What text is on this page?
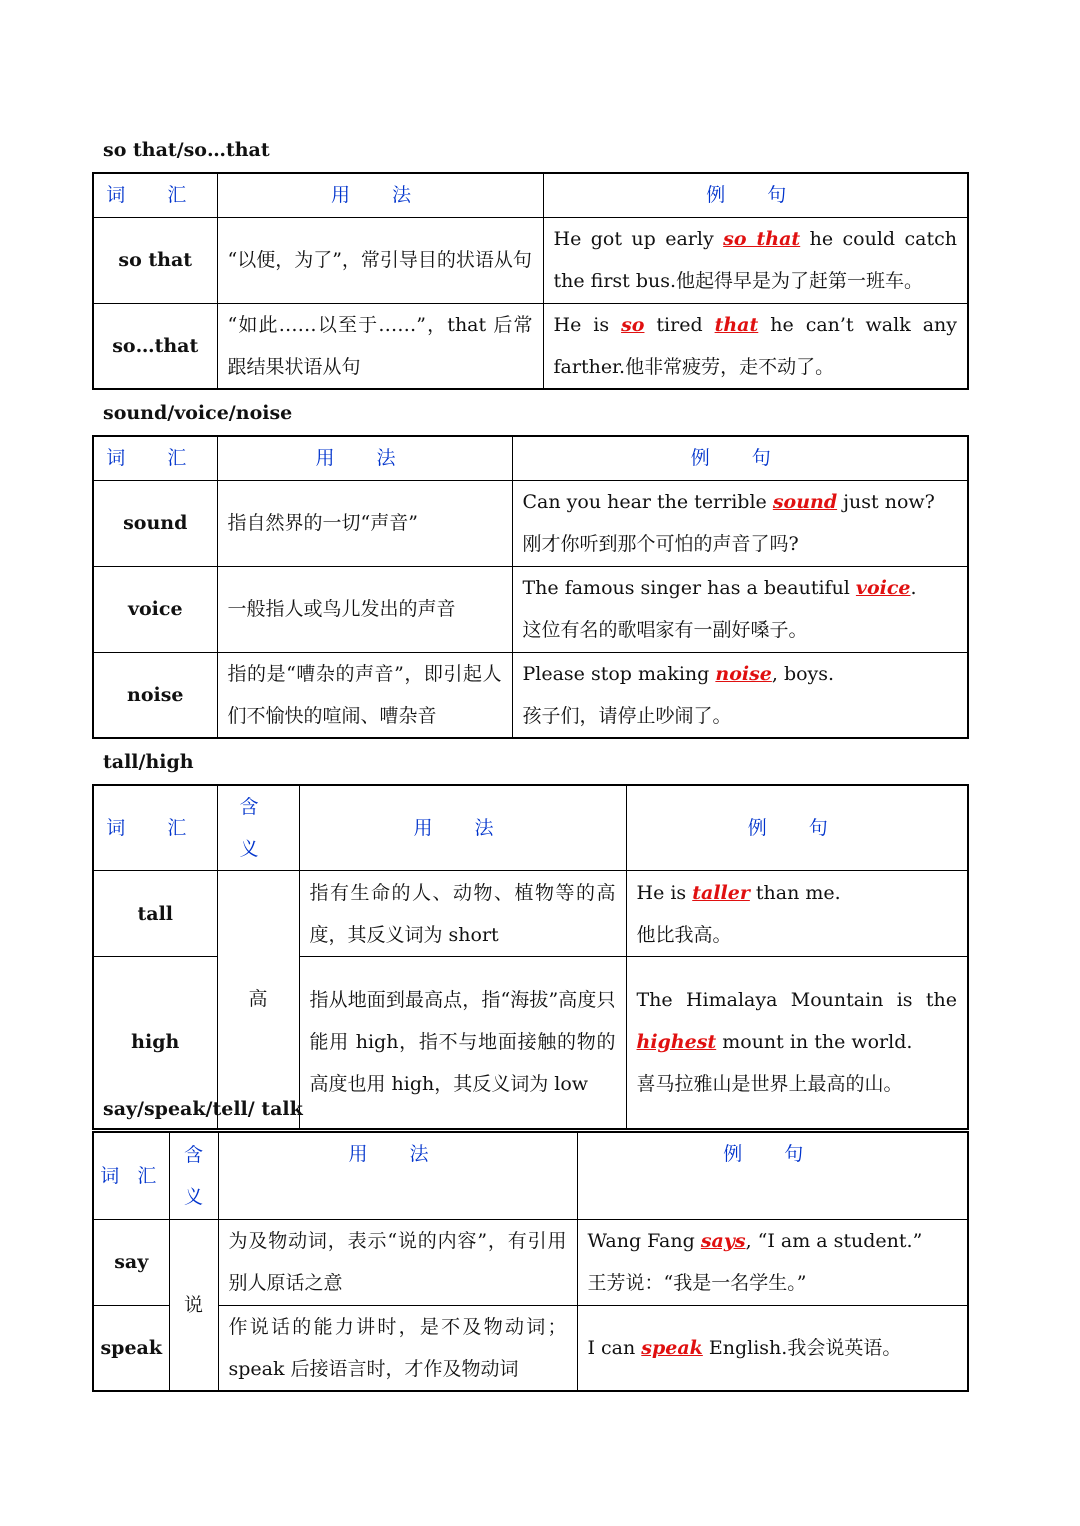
so that/so…that
词 汇	用 法	例 句
so that	“以便，为了”，常引导目的状语从句	He got up early so that he could catch the first bus.他起得早是为了赶第一班车。
so…that	“如此……以至于……”，that 后常跟结果状语从句	He is so tired that he can’t walk any farther.他非常疲劳，走不动了。
sound/voice/noise
词 汇	用 法	例 句
sound	指自然界的一切“声音”	Can you hear the terrible sound just now?
刚才你听到那个可怕的声音了吗?
voice	一般指人或鸟儿发出的声音	The famous singer has a beautiful voice.
这位有名的歌唱家有一副好嗓子。
noise	指的是“嘈杂的声音”，即引起人们不愉快的喧闹、嘈杂音	Please stop making noise, boys.
孩子们，请停止吵闹了。
tall/high
词 汇	含 义	用 法	例 句
tall	高	指有生命的人、动物、植物等的高度，其反义词为 short	He is taller than me.
他比我高。
high		指从地面到最高点，指“海拔”高度只能用 high，指不与地面接触的物的高度也用 high，其反义词为 low	The Himalaya Mountain is the highest mount in the world.
喜马拉雅山是世界上最高的山。
say/speak/tell/ talk
词 汇	含 义	用 法	例 句
say	说	为及物动词，表示“说的内容”，有引用别人原话之意	Wang Fang says, “I am a student.”
王芳说：“我是一名学生。”
speak		作说话的能力讲时，是不及物动词；speak 后接语言时，才作及物动词	I can speak English.我会说英语。
